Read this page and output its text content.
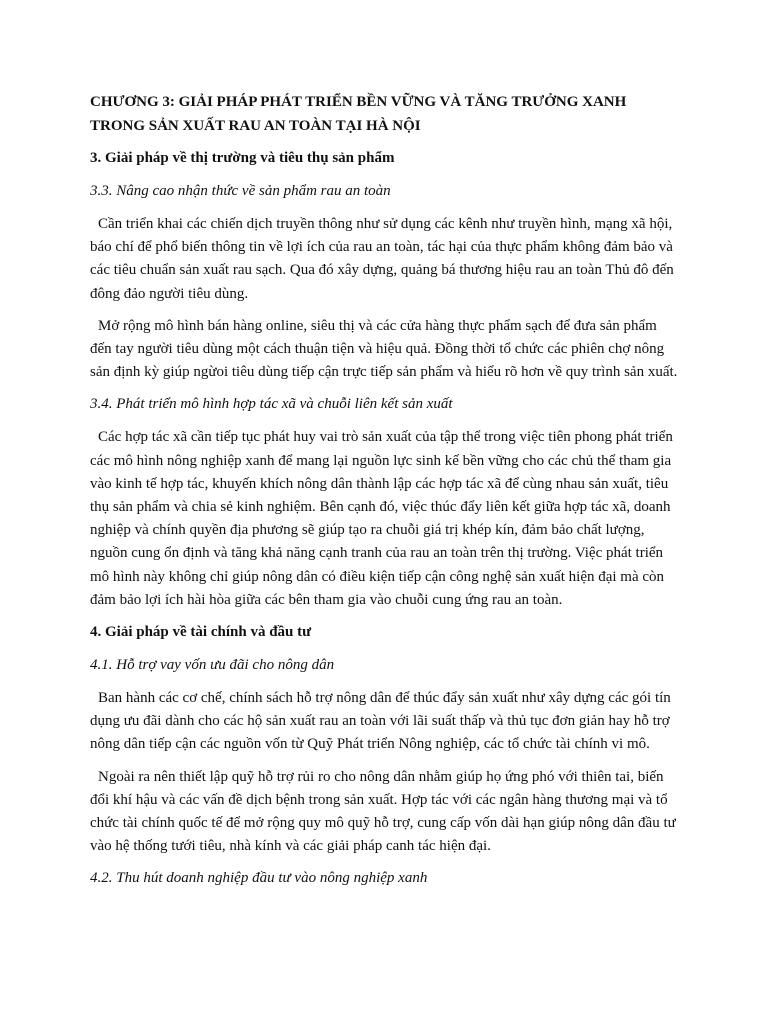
CHƯƠNG 3: GIẢI PHÁP PHÁT TRIỂN BỀN VỮNG VÀ TĂNG TRƯỞNG XANH TRONG SẢN XUẤT RAU AN TOÀN TẠI HÀ NỘI
3. Giải pháp về thị trường và tiêu thụ sản phẩm
3.3. Nâng cao nhận thức về sản phẩm rau an toàn

Cần triển khai các chiến dịch truyền thông như sử dụng các kênh như truyền hình, mạng xã hội, báo chí để phổ biến thông tin về lợi ích của rau an toàn, tác hại của thực phẩm không đảm bảo và các tiêu chuẩn sản xuất rau sạch. Qua đó xây dựng, quảng bá thương hiệu rau an toàn Thủ đô đến đông đảo người tiêu dùng.

Mở rộng mô hình bán hàng online, siêu thị và các cửa hàng thực phẩm sạch để đưa sản phẩm đến tay người tiêu dùng một cách thuận tiện và hiệu quả. Đồng thời tổ chức các phiên chợ nông sản định kỳ giúp ngừoi tiêu dùng tiếp cận trực tiếp sản phẩm và hiểu rõ hơn về quy trình sản xuất.

3.4. Phát triển mô hình hợp tác xã và chuỗi liên kết sản xuất

Các hợp tác xã cần tiếp tục phát huy vai trò sản xuất của tập thể trong việc tiên phong phát triển các mô hình nông nghiệp xanh để mang lại nguồn lực sinh kế bền vững cho các chủ thể tham gia vào kinh tế hợp tác, khuyến khích nông dân thành lập các hợp tác xã để cùng nhau sản xuất, tiêu thụ sản phẩm và chia sẻ kinh nghiệm. Bên cạnh đó, việc thúc đẩy liên kết giữa hợp tác xã, doanh nghiệp và chính quyền địa phương sẽ giúp tạo ra chuỗi giá trị khép kín, đảm bảo chất lượng, nguồn cung ổn định và tăng khả năng cạnh tranh của rau an toàn trên thị trường. Việc phát triển mô hình này không chỉ giúp nông dân có điều kiện tiếp cận công nghệ sản xuất hiện đại mà còn đảm bảo lợi ích hài hòa giữa các bên tham gia vào chuỗi cung ứng rau an toàn.

4. Giải pháp về tài chính và đầu tư
4.1. Hỗ trợ vay vốn ưu đãi cho nông dân

Ban hành các cơ chế, chính sách hỗ trợ nông dân để thúc đẩy sản xuất như xây dựng các gói tín dụng ưu đãi dành cho các hộ sản xuất rau an toàn với lãi suất thấp và thủ tục đơn giản hay hỗ trợ nông dân tiếp cận các nguồn vốn từ Quỹ Phát triển Nông nghiệp, các tổ chức tài chính vi mô.

Ngoài ra nên thiết lập quỹ hỗ trợ rủi ro cho nông dân nhằm giúp họ ứng phó với thiên tai, biến đổi khí hậu và các vấn đề dịch bệnh trong sản xuất. Hợp tác với các ngân hàng thương mại và tổ chức tài chính quốc tế để mở rộng quy mô quỹ hỗ trợ, cung cấp vốn dài hạn giúp nông dân đầu tư vào hệ thống tưới tiêu, nhà kính và các giải pháp canh tác hiện đại.

4.2. Thu hút doanh nghiệp đầu tư vào nông nghiệp xanh
